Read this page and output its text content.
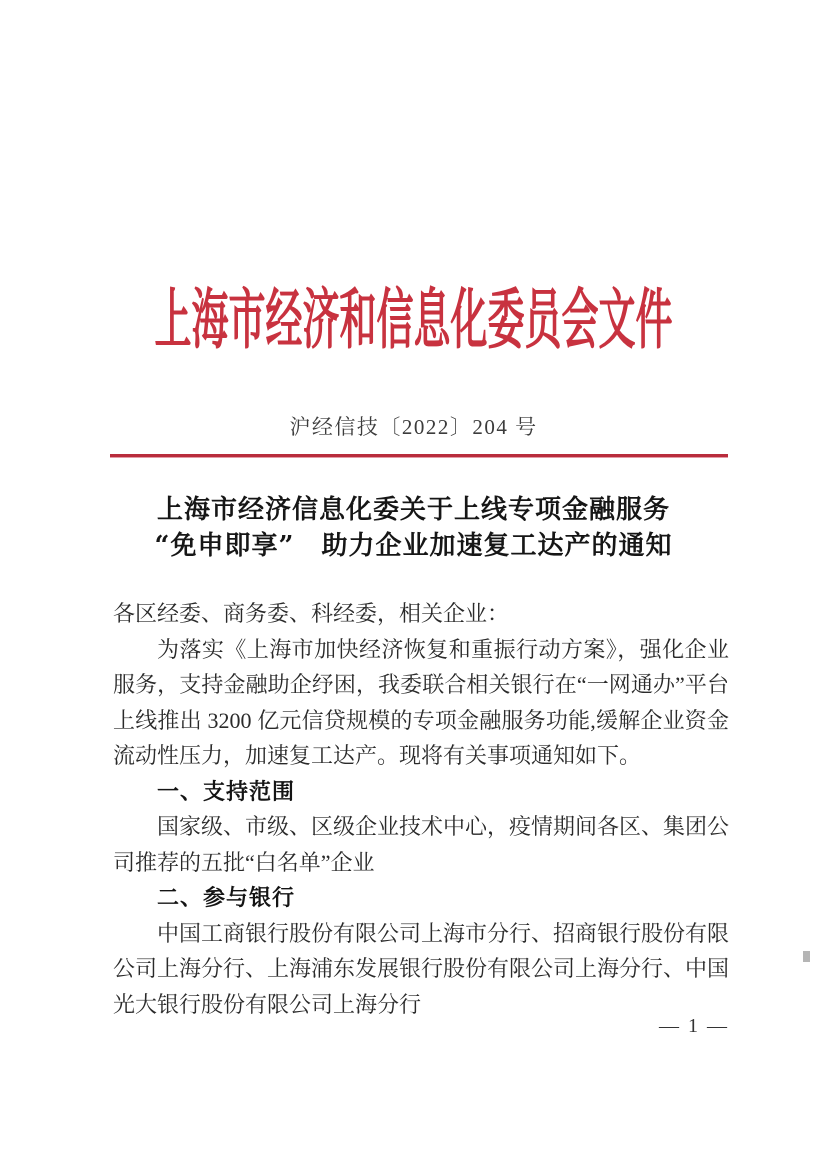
上海市经济和信息化委员会文件
沪经信技〔2022〕204 号
上海市经济信息化委关于上线专项金融服务
“免申即享”　助力企业加速复工达产的通知

各区经委、商务委、科经委，相关企业：

为落实《上海市加快经济恢复和重振行动方案》，强化企业服务，支持金融助企纾困，我委联合相关银行在“一网通办”平台上线推出 3200 亿元信贷规模的专项金融服务功能,缓解企业资金流动性压力，加速复工达产。现将有关事项通知如下。

一、支持范围

国家级、市级、区级企业技术中心，疫情期间各区、集团公司推荐的五批“白名单”企业

二、参与银行

中国工商银行股份有限公司上海市分行、招商银行股份有限公司上海分行、上海浦东发展银行股份有限公司上海分行、中国光大银行股份有限公司上海分行

— 1 —
